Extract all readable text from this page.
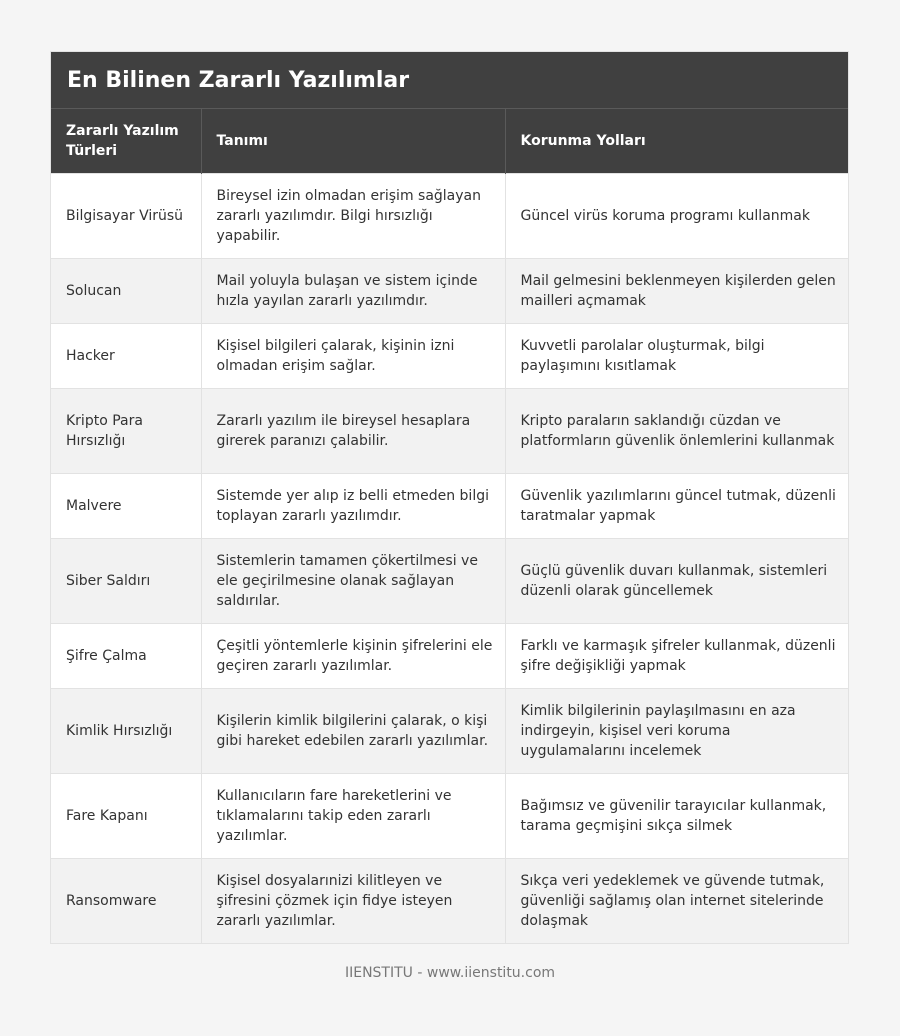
En Bilinen Zararlı Yazılımlar
Zararlı Yazılım Türleri	Tanımı	Korunma Yolları
Bilgisayar Virüsü	Bireysel izin olmadan erişim sağlayan zararlı yazılımdır. Bilgi hırsızlığı yapabilir.	Güncel virüs koruma programı kullanmak
Solucan	Mail yoluyla bulaşan ve sistem içinde hızla yayılan zararlı yazılımdır.	Mail gelmesini beklenmeyen kişilerden gelen mailleri açmamak
Hacker	Kişisel bilgileri çalarak, kişinin izni olmadan erişim sağlar.	Kuvvetli parolalar oluşturmak, bilgi paylaşımını kısıtlamak
Kripto Para Hırsızlığı	Zararlı yazılım ile bireysel hesaplara girerek paranızı çalabilir.	Kripto paraların saklandığı cüzdan ve platformların güvenlik önlemlerini kullanmak
Malvere	Sistemde yer alıp iz belli etmeden bilgi toplayan zararlı yazılımdır.	Güvenlik yazılımlarını güncel tutmak, düzenli taratmalar yapmak
Siber Saldırı	Sistemlerin tamamen çökertilmesi ve ele geçirilmesine olanak sağlayan saldırılar.	Güçlü güvenlik duvarı kullanmak, sistemleri düzenli olarak güncellemek
Şifre Çalma	Çeşitli yöntemlerle kişinin şifrelerini ele geçiren zararlı yazılımlar.	Farklı ve karmaşık şifreler kullanmak, düzenli şifre değişikliği yapmak
Kimlik Hırsızlığı	Kişilerin kimlik bilgilerini çalarak, o kişi gibi hareket edebilen zararlı yazılımlar.	Kimlik bilgilerinin paylaşılmasını en aza indirgeyin, kişisel veri koruma uygulamalarını incelemek
Fare Kapanı	Kullanıcıların fare hareketlerini ve tıklamalarını takip eden zararlı yazılımlar.	Bağımsız ve güvenilir tarayıcılar kullanmak, tarama geçmişini sıkça silmek
Ransomware	Kişisel dosyalarınizi kilitleyen ve şifresini çözmek için fidye isteyen zararlı yazılımlar.	Sıkça veri yedeklemek ve güvende tutmak, güvenliği sağlamış olan internet sitelerinde dolaşmak
IIENSTITU - www.iienstitu.com
